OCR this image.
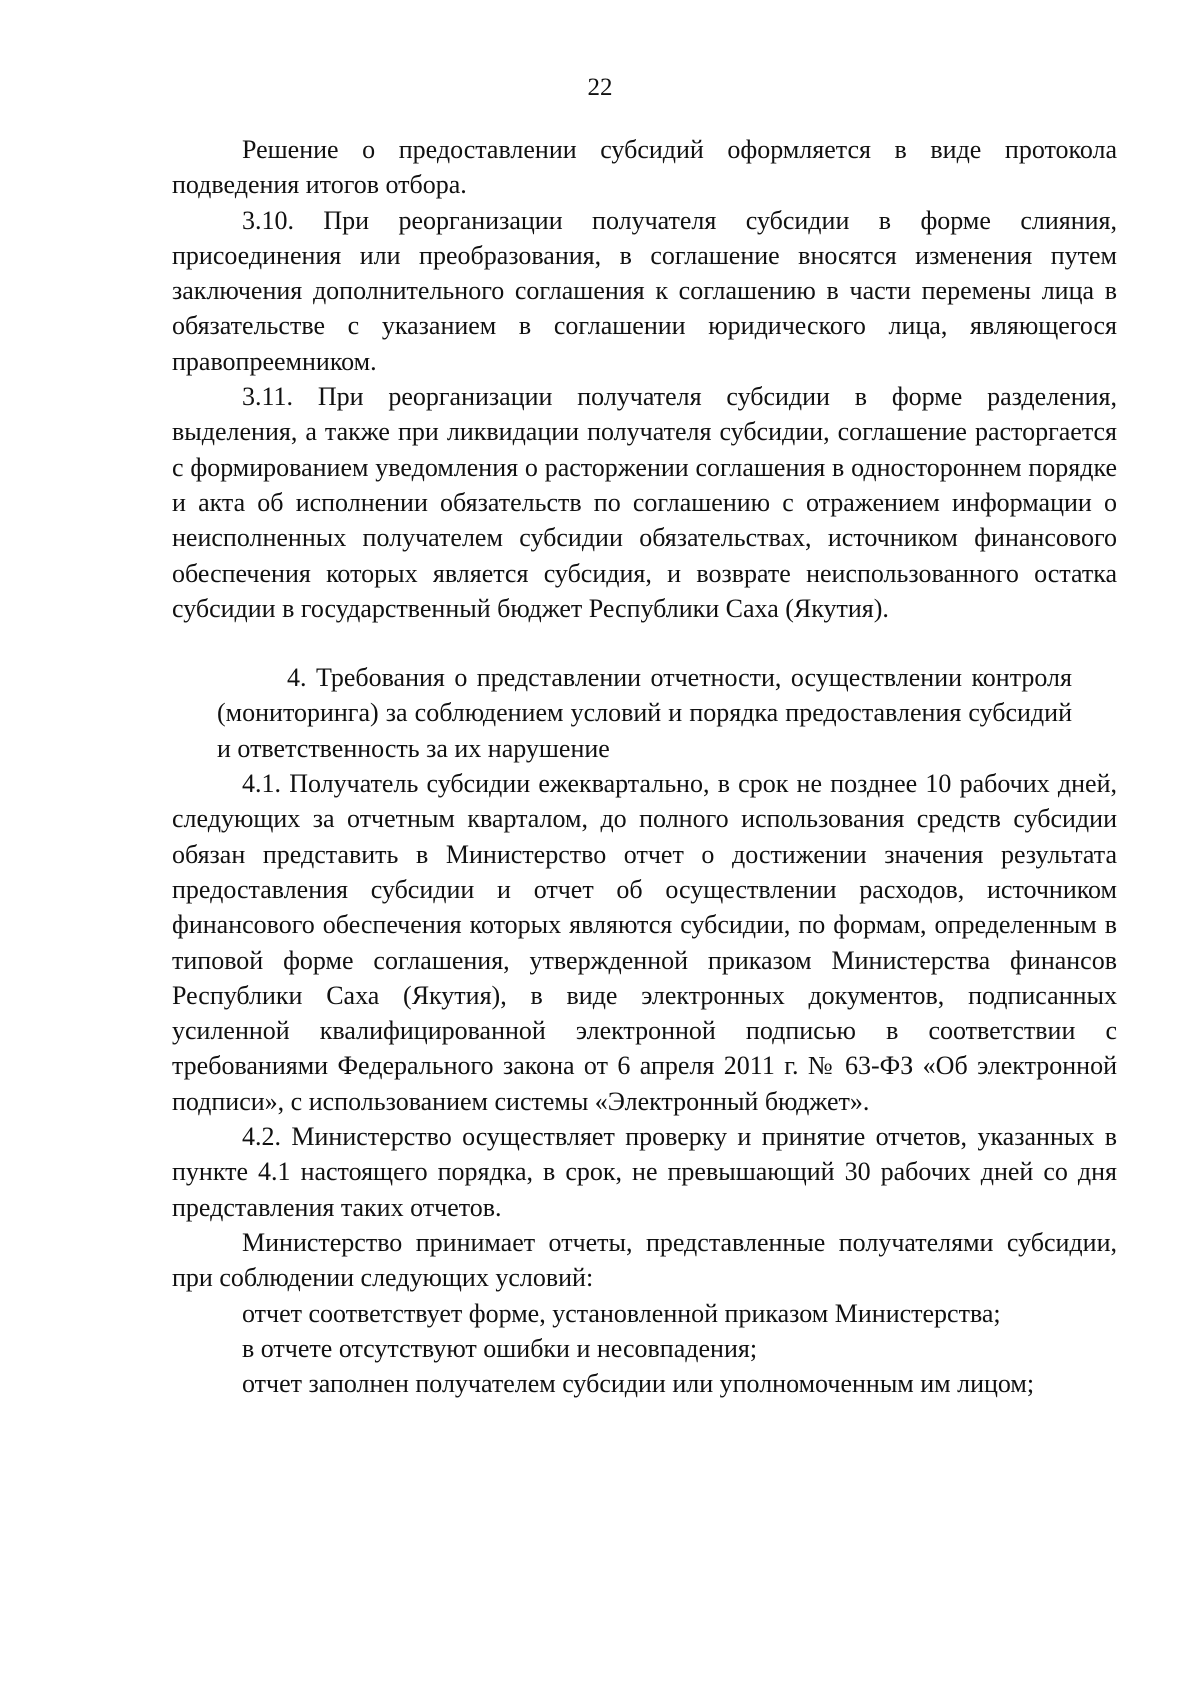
22

Решение о предоставлении субсидий оформляется в виде протокола подведения итогов отбора.

3.10. При реорганизации получателя субсидии в форме слияния, присоединения или преобразования, в соглашение вносятся изменения путем заключения дополнительного соглашения к соглашению в части перемены лица в обязательстве с указанием в соглашении юридического лица, являющегося правопреемником.

3.11. При реорганизации получателя субсидии в форме разделения, выделения, а также при ликвидации получателя субсидии, соглашение расторгается с формированием уведомления о расторжении соглашения в одностороннем порядке и акта об исполнении обязательств по соглашению с отражением информации о неисполненных получателем субсидии обязательствах, источником финансового обеспечения которых является субсидия, и возврате неиспользованного остатка субсидии в государственный бюджет Республики Саха (Якутия).

4. Требования о представлении отчетности, осуществлении контроля (мониторинга) за соблюдением условий и порядка предоставления субсидий и ответственность за их нарушение

4.1. Получатель субсидии ежеквартально, в срок не позднее 10 рабочих дней, следующих за отчетным кварталом, до полного использования средств субсидии обязан представить в Министерство отчет о достижении значения результата предоставления субсидии и отчет об осуществлении расходов, источником финансового обеспечения которых являются субсидии, по формам, определенным в типовой форме соглашения, утвержденной приказом Министерства финансов Республики Саха (Якутия), в виде электронных документов, подписанных усиленной квалифицированной электронной подписью в соответствии с требованиями Федерального закона от 6 апреля 2011 г. № 63-ФЗ «Об электронной подписи», с использованием системы «Электронный бюджет».

4.2. Министерство осуществляет проверку и принятие отчетов, указанных в пункте 4.1 настоящего порядка, в срок, не превышающий 30 рабочих дней со дня представления таких отчетов.

Министерство принимает отчеты, представленные получателями субсидии, при соблюдении следующих условий:

отчет соответствует форме, установленной приказом Министерства;
в отчете отсутствуют ошибки и несовпадения;
отчет заполнен получателем субсидии или уполномоченным им лицом;
